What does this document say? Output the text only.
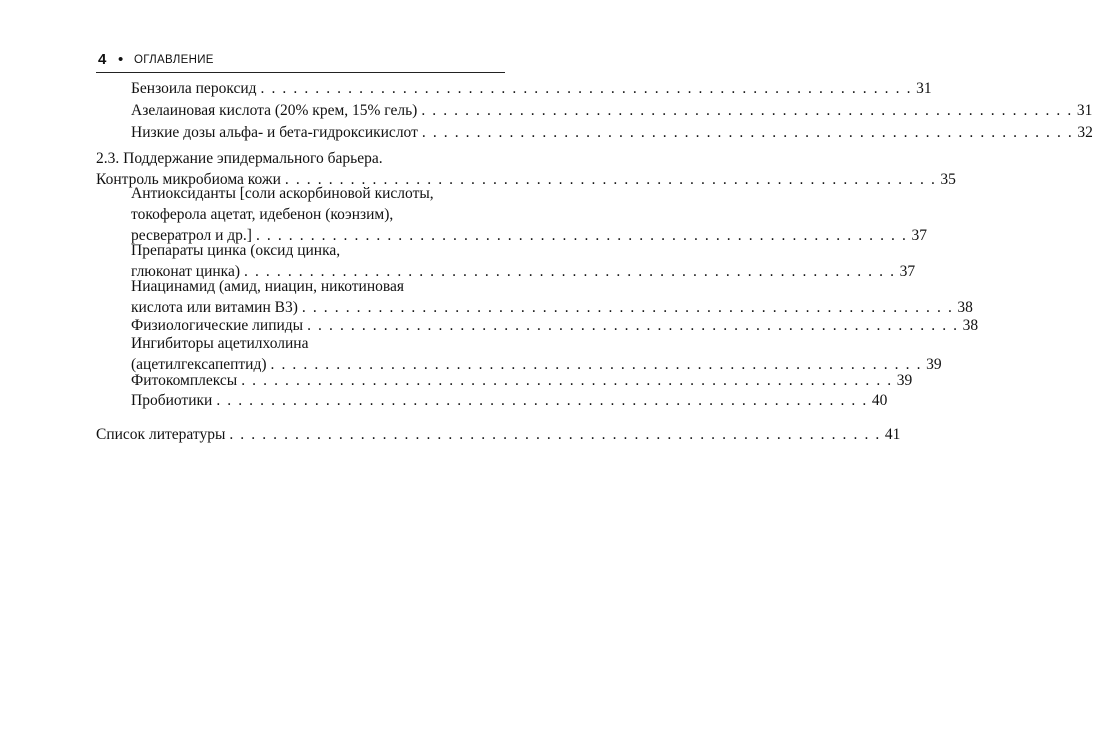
4 • ОГЛАВЛЕНИЕ
Бензоила пероксид . . . . . . . . . . . . . . . . . . . . . . . . . . . . . . . . . . . . . . . . . . . . . . . . . . . . . . . . . . . . 31
Азелаиновая кислота (20% крем, 15% гель) . . . . . . . . . . . . . . . . . . . . . . . . . . . . . . . . . . . . . . . . . . . . . . . . . . . . . . . . . . . . 31
Низкие дозы альфа- и бета-гидроксикислот . . . . . . . . . . . . . . . . . . . . . . . . . . . . . . . . . . . . . . . . . . . . . . . . . . . . . . . . . . . . 32
2.3. Поддержание эпидермального барьера.
Контроль микробиома кожи . . . . . . . . . . . . . . . . . . . . . . . . . . . . . . . . . . . . . . . . . . . . . . . . . . . . . . . . . . . . 35
Антиоксиданты [соли аскорбиновой кислоты,
токоферола ацетат, идебенон (коэнзим),
ресвератрол и др.] . . . . . . . . . . . . . . . . . . . . . . . . . . . . . . . . . . . . . . . . . . . . . . . . . . . . . . . . . . . . 37
Препараты цинка (оксид цинка,
глюконат цинка) . . . . . . . . . . . . . . . . . . . . . . . . . . . . . . . . . . . . . . . . . . . . . . . . . . . . . . . . . . . . 37
Ниацинамид (амид, ниацин, никотиновая
кислота или витамин В3) . . . . . . . . . . . . . . . . . . . . . . . . . . . . . . . . . . . . . . . . . . . . . . . . . . . . . . . . . . . . 38
Физиологические липиды . . . . . . . . . . . . . . . . . . . . . . . . . . . . . . . . . . . . . . . . . . . . . . . . . . . . . . . . . . . . 38
Ингибиторы ацетилхолина
(ацетилгексапептид) . . . . . . . . . . . . . . . . . . . . . . . . . . . . . . . . . . . . . . . . . . . . . . . . . . . . . . . . . . . . 39
Фитокомплексы . . . . . . . . . . . . . . . . . . . . . . . . . . . . . . . . . . . . . . . . . . . . . . . . . . . . . . . . . . . . 39
Пробиотики . . . . . . . . . . . . . . . . . . . . . . . . . . . . . . . . . . . . . . . . . . . . . . . . . . . . . . . . . . . . 40
Список литературы . . . . . . . . . . . . . . . . . . . . . . . . . . . . . . . . . . . . . . . . . . . . . . . . . . . . . . . . . . . . 41
